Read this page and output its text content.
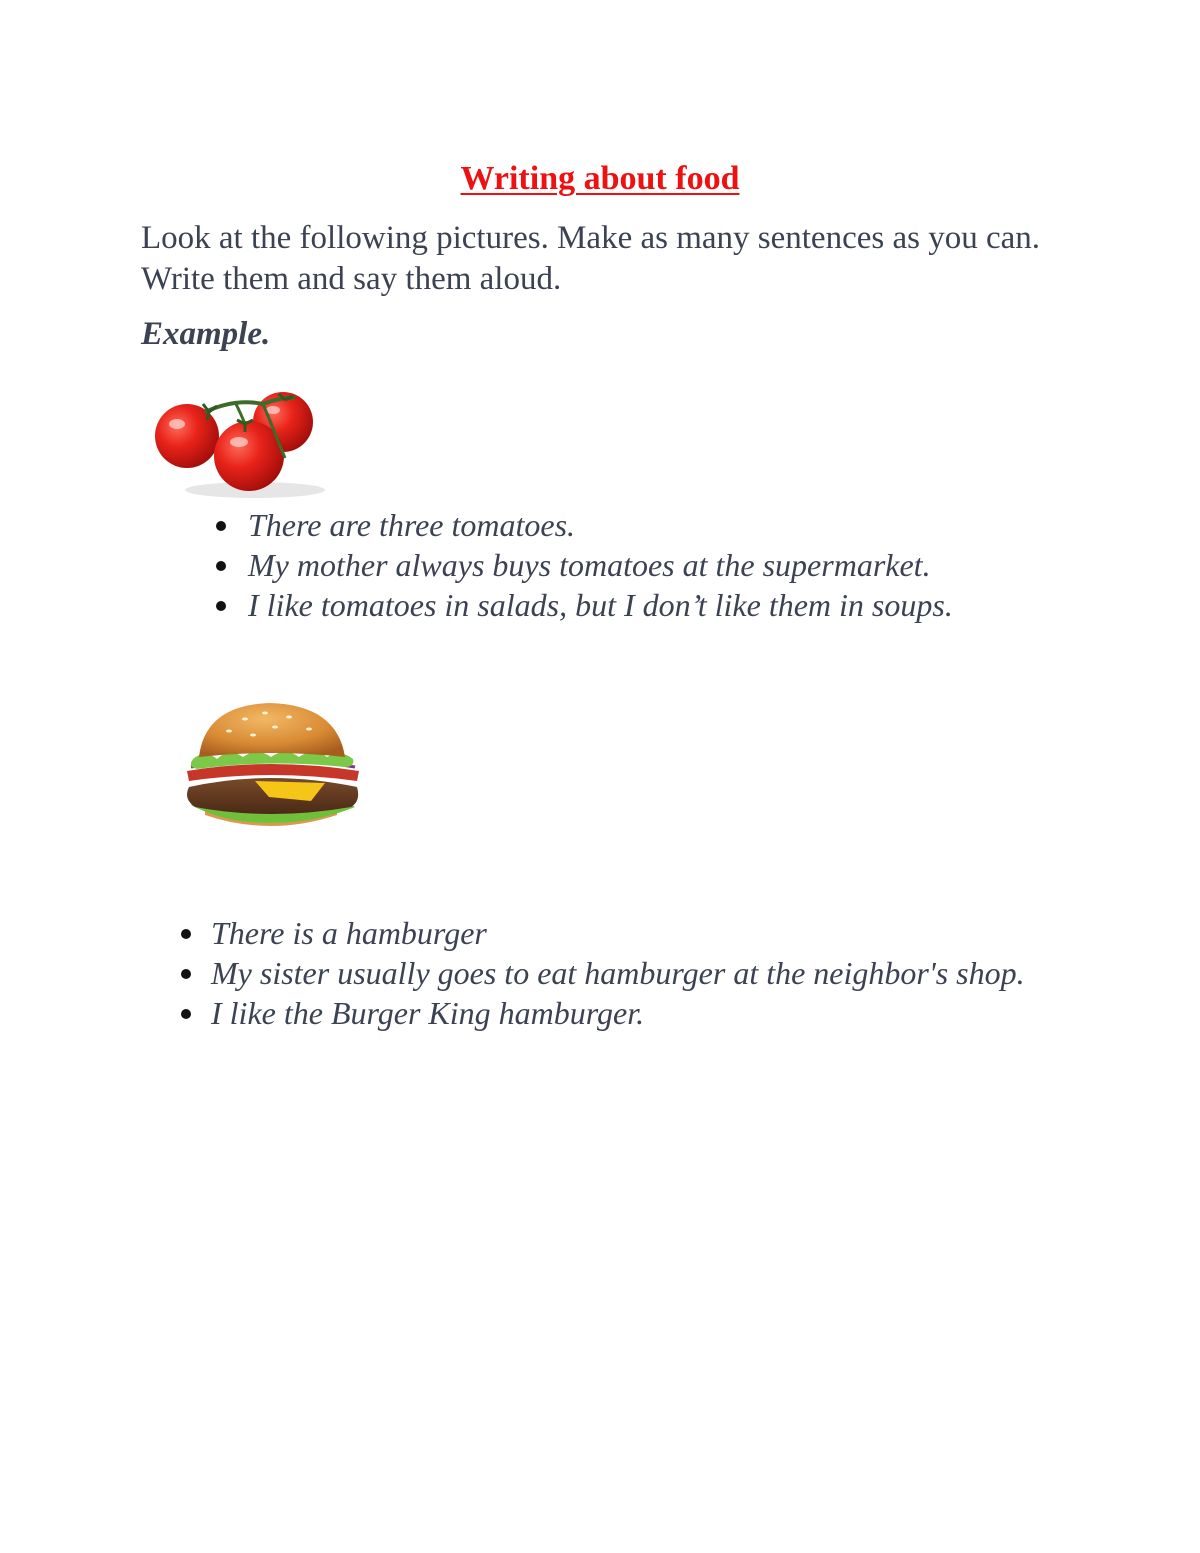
Writing about food

Look at the following pictures. Make as many sentences as you can. Write them and say them aloud.

Example.

There are three tomatoes.
My mother always buys tomatoes at the supermarket.
I like tomatoes in salads, but I don’t like them in soups.
There is a hamburger
My sister usually goes to eat hamburger at the neighbor's shop.
I like the Burger King hamburger.
